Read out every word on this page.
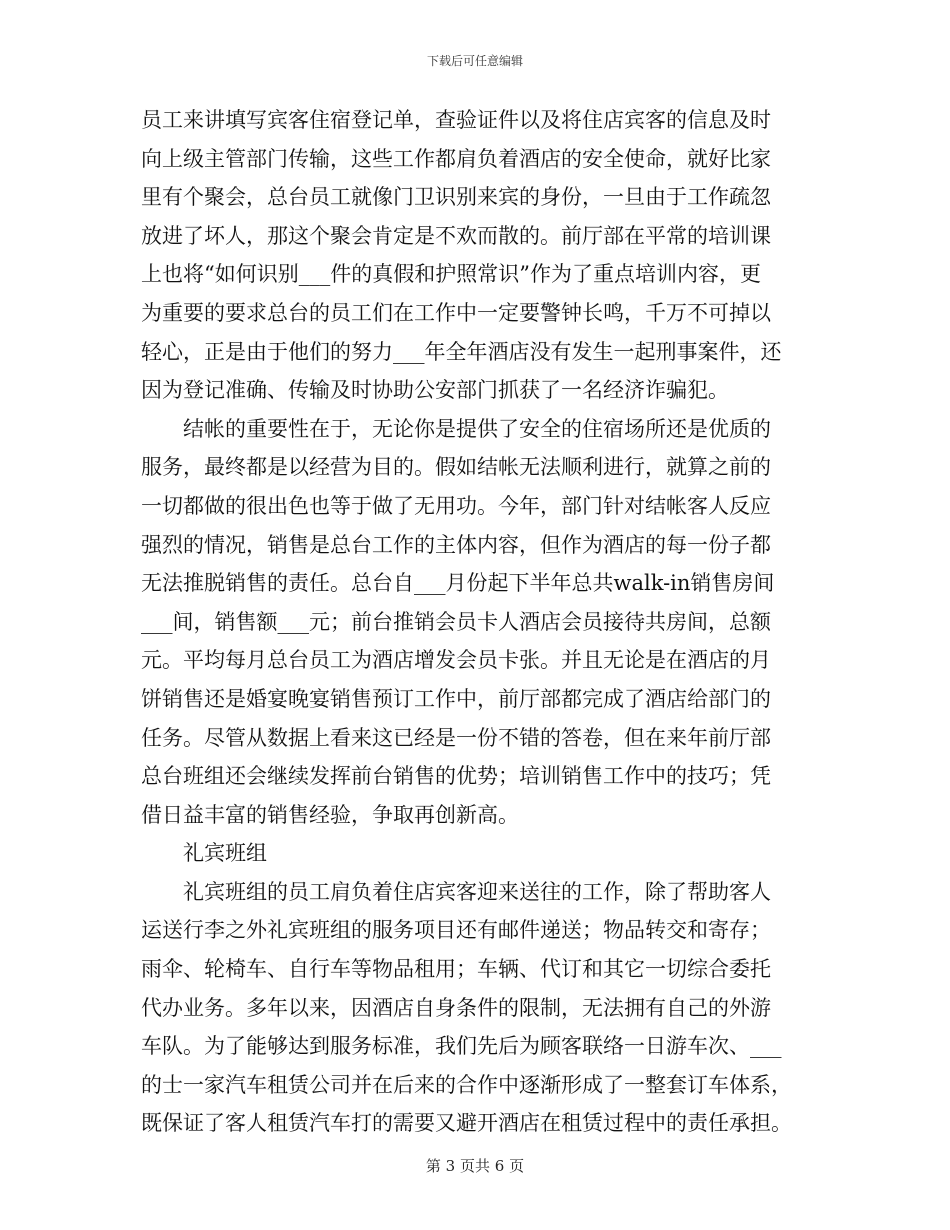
下载后可任意编辑
员工来讲填写宾客住宿登记单，查验证件以及将住店宾客的信息及时
向上级主管部门传输，这些工作都肩负着酒店的安全使命，就好比家
里有个聚会，总台员工就像门卫识别来宾的身份，一旦由于工作疏忽
放进了坏人，那这个聚会肯定是不欢而散的。前厅部在平常的培训课
上也将“如何识别___件的真假和护照常识”作为了重点培训内容，更
为重要的要求总台的员工们在工作中一定要警钟长鸣，千万不可掉以
轻心，正是由于他们的努力___年全年酒店没有发生一起刑事案件，还
因为登记准确、传输及时协助公安部门抓获了一名经济诈骗犯。
　　结帐的重要性在于，无论你是提供了安全的住宿场所还是优质的
服务，最终都是以经营为目的。假如结帐无法顺利进行，就算之前的
一切都做的很出色也等于做了无用功。今年，部门针对结帐客人反应
强烈的情况，销售是总台工作的主体内容，但作为酒店的每一份子都
无法推脱销售的责任。总台自___月份起下半年总共walk-in销售房间
___间，销售额___元；前台推销会员卡人酒店会员接待共房间，总额
元。平均每月总台员工为酒店增发会员卡张。并且无论是在酒店的月
饼销售还是婚宴晚宴销售预订工作中，前厅部都完成了酒店给部门的
任务。尽管从数据上看来这已经是一份不错的答卷，但在来年前厅部
总台班组还会继续发挥前台销售的优势；培训销售工作中的技巧；凭
借日益丰富的销售经验，争取再创新高。
　　礼宾班组
　　礼宾班组的员工肩负着住店宾客迎来送往的工作，除了帮助客人
运送行李之外礼宾班组的服务项目还有邮件递送；物品转交和寄存；
雨伞、轮椅车、自行车等物品租用；车辆、代订和其它一切综合委托
代办业务。多年以来，因酒店自身条件的限制，无法拥有自己的外游
车队。为了能够达到服务标准，我们先后为顾客联络一日游车次、___
的士一家汽车租赁公司并在后来的合作中逐渐形成了一整套订车体系，
既保证了客人租赁汽车打的需要又避开酒店在租赁过程中的责任承担。
第 3 页共 6 页
